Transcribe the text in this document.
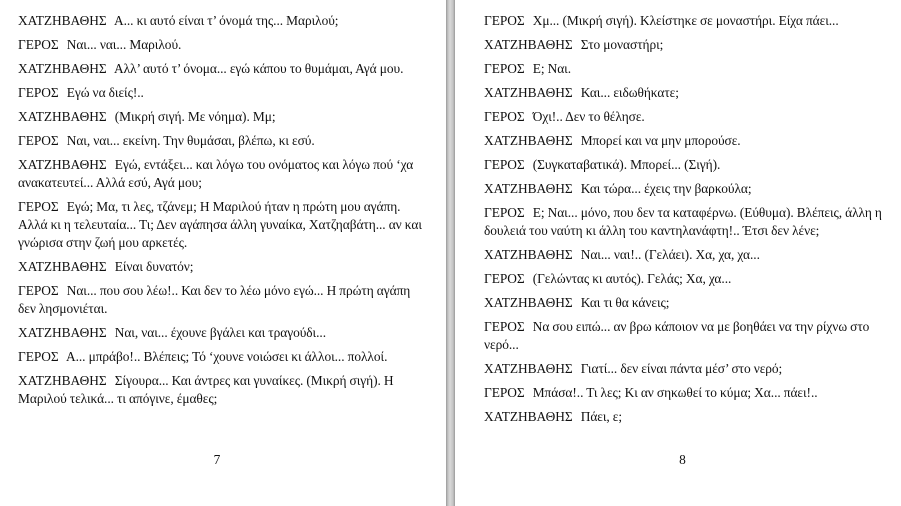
ΧΑΤΖΗΒΑΘΗΣ Α... κι αυτό είναι τ’ όνομά της... Μαριλού;
ΓΕΡΟΣ Ναι... ναι... Μαριλού.
ΧΑΤΖΗΒΑΘΗΣ Αλλ’ αυτό τ’ όνομα... εγώ κάπου το θυμάμαι, Αγά μου.
ΓΕΡΟΣ Εγώ να διείς!..
ΧΑΤΖΗΒΑΘΗΣ (Μικρή σιγή. Με νόημα). Μμ;
ΓΕΡΟΣ Ναι, ναι... εκείνη. Την θυμάσαι, βλέπω, κι εσύ.
ΧΑΤΖΗΒΑΘΗΣ Εγώ, εντάξει... και λόγω του ονόματος και λόγω πού ‘χα ανακατευτεί... Αλλά εσύ, Αγά μου;
ΓΕΡΟΣ Εγώ; Μα, τι λες, τζάνεμ; Η Μαριλού ήταν η πρώτη μου αγάπη. Αλλά κι η τελευταία... Τι; Δεν αγάπησα άλλη γυναίκα, Χατζηαβάτη... αν και γνώρισα στην ζωή μου αρκετές.
ΧΑΤΖΗΒΑΘΗΣ Είναι δυνατόν;
ΓΕΡΟΣ Ναι... που σου λέω!.. Και δεν το λέω μόνο εγώ... Η πρώτη αγάπη δεν λησμονιέται.
ΧΑΤΖΗΒΑΘΗΣ Ναι, ναι... έχουνε βγάλει και τραγούδι...
ΓΕΡΟΣ Α... μπράβο!.. Βλέπεις; Τό ‘χουνε νοιώσει κι άλλοι... πολλοί.
ΧΑΤΖΗΒΑΘΗΣ Σίγουρα... Και άντρες και γυναίκες. (Μικρή σιγή). Η Μαριλού τελικά... τι απόγινε, έμαθες;
7
ΓΕΡΟΣ Χμ... (Μικρή σιγή). Κλείστηκε σε μοναστήρι. Είχα πάει...
ΧΑΤΖΗΒΑΘΗΣ Στο μοναστήρι;
ΓΕΡΟΣ Ε; Ναι.
ΧΑΤΖΗΒΑΘΗΣ Και... ειδωθήκατε;
ΓΕΡΟΣ Όχι!.. Δεν το θέλησε.
ΧΑΤΖΗΒΑΘΗΣ Μπορεί και να μην μπορούσε.
ΓΕΡΟΣ (Συγκαταβατικά). Μπορεί... (Σιγή).
ΧΑΤΖΗΒΑΘΗΣ Και τώρα... έχεις την βαρκούλα;
ΓΕΡΟΣ Ε; Ναι... μόνο, που δεν τα καταφέρνω. (Εύθυμα). Βλέπεις, άλλη η δουλειά του ναύτη κι άλλη του καντηλανάφτη!.. Έτσι δεν λένε;
ΧΑΤΖΗΒΑΘΗΣ Ναι... ναι!.. (Γελάει). Χα, χα, χα...
ΓΕΡΟΣ (Γελώντας κι αυτός). Γελάς; Χα, χα...
ΧΑΤΖΗΒΑΘΗΣ Και τι θα κάνεις;
ΓΕΡΟΣ Να σου ειπώ... αν βρω κάποιον να με βοηθάει να την ρίχνω στο νερό...
ΧΑΤΖΗΒΑΘΗΣ Γιατί... δεν είναι πάντα μέσ’ στο νερό;
ΓΕΡΟΣ Μπάσα!.. Τι λες; Κι αν σηκωθεί το κύμα; Χα... πάει!..
ΧΑΤΖΗΒΑΘΗΣ Πάει, ε;
8
